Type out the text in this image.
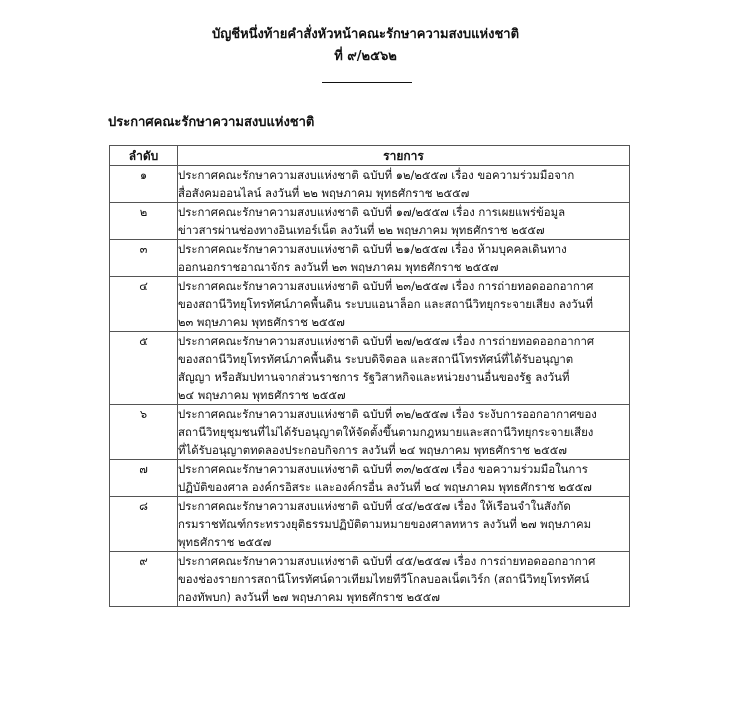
บัญชีหนึ่งท้ายคำสั่งหัวหน้าคณะรักษาความสงบแห่งชาติ
ที่ ๙/๒๕๖๒
ประกาศคณะรักษาความสงบแห่งชาติ
ลำดับ	รายการ
๑	ประกาศคณะรักษาความสงบแห่งชาติ ฉบับที่ ๑๒/๒๕๕๗ เรื่อง ขอความร่วมมือจาก
สื่อสังคมออนไลน์ ลงวันที่ ๒๒ พฤษภาคม พุทธศักราช ๒๕๕๗

๒	ประกาศคณะรักษาความสงบแห่งชาติ ฉบับที่ ๑๗/๒๕๕๗ เรื่อง การเผยแพร่ข้อมูล
ข่าวสารผ่านช่องทางอินเทอร์เน็ต ลงวันที่ ๒๒ พฤษภาคม พุทธศักราช ๒๕๕๗

๓	ประกาศคณะรักษาความสงบแห่งชาติ ฉบับที่ ๒๑/๒๕๕๗ เรื่อง ห้ามบุคคลเดินทาง
ออกนอกราชอาณาจักร ลงวันที่ ๒๓ พฤษภาคม พุทธศักราช ๒๕๕๗

๔	ประกาศคณะรักษาความสงบแห่งชาติ ฉบับที่ ๒๓/๒๕๕๗ เรื่อง การถ่ายทอดออกอากาศ
ของสถานีวิทยุโทรทัศน์ภาคพื้นดิน ระบบแอนาล็อก และสถานีวิทยุกระจายเสียง ลงวันที่
๒๓ พฤษภาคม พุทธศักราช ๒๕๕๗

๕	ประกาศคณะรักษาความสงบแห่งชาติ ฉบับที่ ๒๗/๒๕๕๗ เรื่อง การถ่ายทอดออกอากาศ
ของสถานีวิทยุโทรทัศน์ภาคพื้นดิน ระบบดิจิตอล และสถานีโทรทัศน์ที่ได้รับอนุญาต
สัญญา หรือสัมปทานจากส่วนราชการ รัฐวิสาหกิจและหน่วยงานอื่นของรัฐ ลงวันที่
๒๔ พฤษภาคม พุทธศักราช ๒๕๕๗

๖	ประกาศคณะรักษาความสงบแห่งชาติ ฉบับที่ ๓๒/๒๕๕๗ เรื่อง ระงับการออกอากาศของ
สถานีวิทยุชุมชนที่ไม่ได้รับอนุญาตให้จัดตั้งขึ้นตามกฎหมายและสถานีวิทยุกระจายเสียง
ที่ได้รับอนุญาตทดลองประกอบกิจการ ลงวันที่ ๒๔ พฤษภาคม พุทธศักราช ๒๕๕๗

๗	ประกาศคณะรักษาความสงบแห่งชาติ ฉบับที่ ๓๓/๒๕๕๗ เรื่อง ขอความร่วมมือในการ
ปฏิบัติของศาล องค์กรอิสระ และองค์กรอื่น ลงวันที่ ๒๔ พฤษภาคม พุทธศักราช ๒๕๕๗

๘	ประกาศคณะรักษาความสงบแห่งชาติ ฉบับที่ ๔๔/๒๕๕๗ เรื่อง ให้เรือนจำในสังกัด
กรมราชทัณฑ์กระทรวงยุติธรรมปฏิบัติตามหมายของศาลทหาร ลงวันที่ ๒๗ พฤษภาคม
พุทธศักราช ๒๕๕๗

๙	ประกาศคณะรักษาความสงบแห่งชาติ ฉบับที่ ๔๕/๒๕๕๗ เรื่อง การถ่ายทอดออกอากาศ
ของช่องรายการสถานีโทรทัศน์ดาวเทียมไทยทีวีโกลบอลเน็ตเวิร์ก (สถานีวิทยุโทรทัศน์
กองทัพบก) ลงวันที่ ๒๗ พฤษภาคม พุทธศักราช ๒๕๕๗
